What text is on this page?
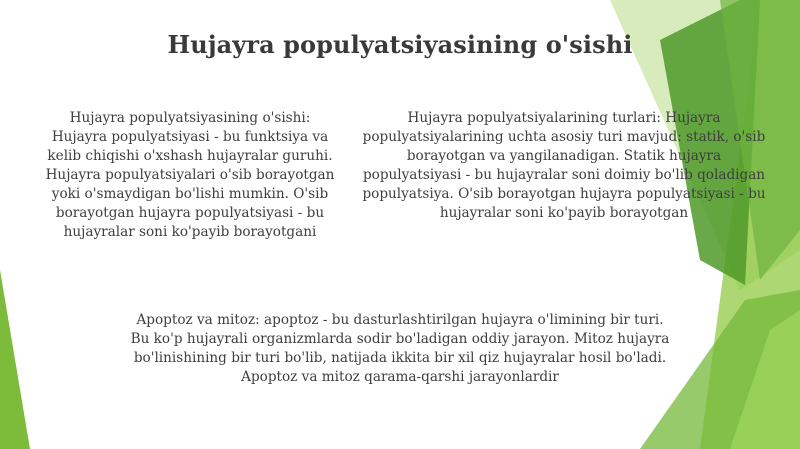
Hujayra populyatsiyasining o'sishi
Hujayra populyatsiyasining o'sishi:
Hujayra populyatsiyasi - bu funktsiya va
kelib chiqishi o'xshash hujayralar guruhi.
Hujayra populyatsiyalari o'sib borayotgan
yoki o'smaydigan bo'lishi mumkin. O'sib
borayotgan hujayra populyatsiyasi - bu
hujayralar soni ko'payib borayotgani
Hujayra populyatsiyalarining turlari: Hujayra
populyatsiyalarining uchta asosiy turi mavjud: statik, o'sib
borayotgan va yangilanadigan. Statik hujayra
populyatsiyasi - bu hujayralar soni doimiy bo'lib qoladigan
populyatsiya. O'sib borayotgan hujayra populyatsiyasi - bu
hujayralar soni ko'payib borayotgan
Apoptoz va mitoz: apoptoz - bu dasturlashtirilgan hujayra o'limining bir turi.
Bu ko'p hujayrali organizmlarda sodir bo'ladigan oddiy jarayon. Mitoz hujayra
bo'linishining bir turi bo'lib, natijada ikkita bir xil qiz hujayralar hosil bo'ladi.
Apoptoz va mitoz qarama-qarshi jarayonlardir
